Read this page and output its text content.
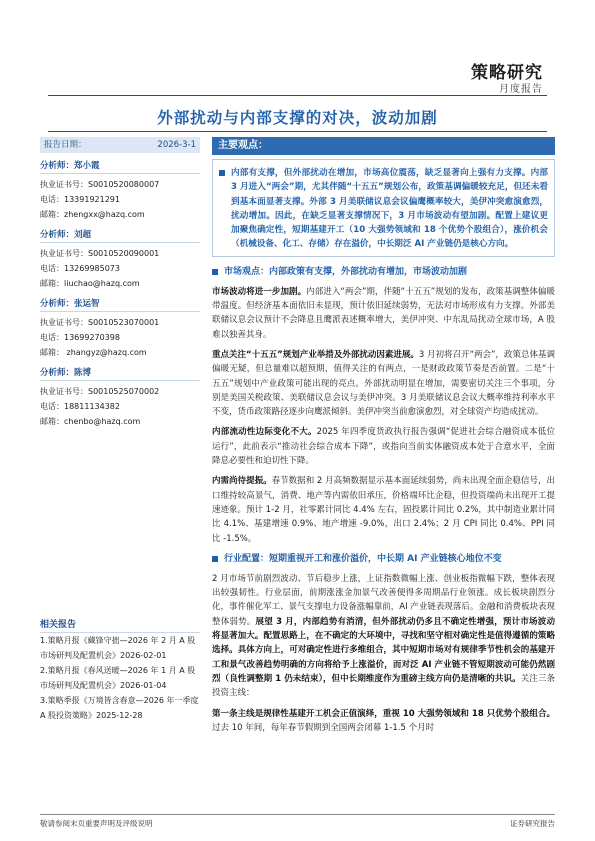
策略研究
月度报告
外部扰动与内部支撑的对决，波动加剧
报告日期：	2026-3-1
分析师：郑小霞
执业证书号：S0010520080007
电话：13391921291
邮箱：zhengxx@hazq.com
分析师：刘超
执业证书号：S0010520090001
电话：13269985073
邮箱：liuchao@hazq.com
分析师：张运智
执业证书号：S0010523070001
电话：13699270398
邮箱： zhangyz@hazq.com
分析师：陈博
执业证书号：S0010525070002
电话：18811134382
邮箱：chenbo@hazq.com
相关报告
1.策略月报《藏锋守拙—2026 年 2 月 A 股市场研判及配置机会》2026-02-01
2.策略月报《春风送暖—2026 年 1 月 A 股市场研判及配置机会》2026-01-04
3.策略季报《万境皆含春意—2026 年一季度 A 股投资策略》2025-12-28
主要观点：
内部有支撑，但外部扰动在增加，市场高位震荡，缺乏显著向上强有力支撑。内部 3 月进入“两会”期，尤其伴随“十五五”规划公布，政策基调偏暖较充足，但还未看到基本面显著支撑。外部 3 月美联储议息会议偏鹰概率较大，美伊冲突愈演愈烈，扰动增加。因此，在缺乏显著支撑情况下，3 月市场波动有望加剧。配置上建议更加聚焦确定性，短期基建开工（10 大强势领域和 18 个优势个股组合），涨价机会（机械设备、化工、存储）存在溢价，中长期泛 AI 产业链仍是核心方向。
市场观点：内部政策有支撑，外部扰动有增加，市场波动加剧
市场波动将进一步加剧。内部进入“两会”期，伴随“十五五”规划的发布，政策基调整体偏暖带温度。但经济基本面依旧未显现，预计依旧延续弱势，无法对市场形成有力支撑。外部美联储议息会议预计不会降息且鹰派表述概率增大，美伊冲突、中东乱局扰动全球市场，A 股难以独善其身。
重点关注“十五五”规划产业举措及外部扰动因素进展。3 月初将召开“两会”，政策总体基调偏暖无疑，但总量难以超预期，值得关注的有两点，一是财政政策节奏是否前置。二是“十五五”规划中产业政策可能出现的亮点。外部扰动明显在增加，需要密切关注三个事项，分别是美国关税政策、美联储议息会议与美伊冲突。3 月美联储议息会议大概率维持利率水平不变，货币政策路径逐步向鹰派倾斜。美伊冲突当前愈演愈烈，对全球资产均造成扰动。
内部流动性边际变化不大。2025 年四季度货政执行报告强调“促进社会综合融资成本低位运行”，此前表示“推动社会综合成本下降”，或指向当前实体融资成本处于合意水平，全面降息必要性和迫切性下降。
内需尚待提振。春节数据和 2 月高频数据显示基本面延续弱势，尚未出现全面企稳信号，出口维持较高景气，消费、地产等内需依旧承压，价格端环比企稳，但投资端尚未出现开工提速迹象。预计 1-2 月，社零累计同比 4.4% 左右，固投累计同比 0.2%，其中制造业累计同比 4.1%、基建增速 0.9%、地产增速 -9.0%，出口 2.4%；2 月 CPI 同比 0.4%、PPI 同比 -1.5%。
行业配置：短期重视开工和涨价溢价，中长期 AI 产业链核心地位不变
2 月市场节前剧烈波动、节后稳步上涨，上证指数微幅上涨、创业板指微幅下跌，整体表现出较强韧性。行业层面，前期涨涨金加景气改善便得多周期品行业领涨。成长板块剧烈分化，事件催化军工、景气支撑电力设备涨幅靠前，AI 产业链表现落后。金融和消费板块表现整体弱势。展望 3 月，内部趋势有消清，但外部扰动仍多且不确定性增强，预计市场波动将显著加大。配置思路上，在不确定的大环境中，寻找和坚守相对确定性是值得遵循的策略选择。具体方向上，可对确定性进行多维组合，其中短期市场对有规律季节性机会的基建开工和景气改善趋势明确的方向将给予上涨溢价，而对泛 AI 产业链不管短期波动可能仍然剧烈（良性调整期 1 仍未结束），但中长期维度作为重磅主线方向仍是清晰的共识。关注三条投资主线：
第一条主线是规律性基建开工机会正值演绎，重视 10 大强势领域和 18 只优势个股组合。过去 10 年间，每年春节假期到全国两会闭幕 1-1.5 个月时
敬请参阅末页重要声明及评级说明	证券研究报告
